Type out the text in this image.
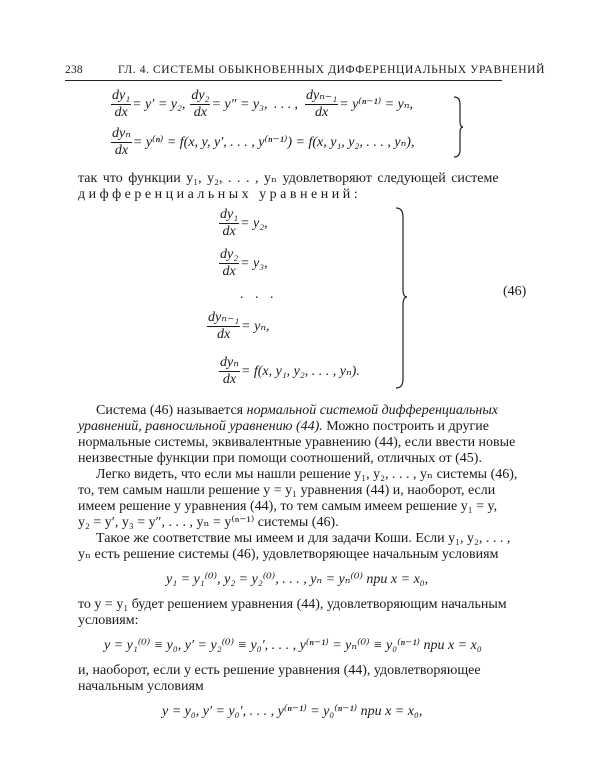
238	ГЛ. 4. СИСТЕМЫ ОБЫКНОВЕННЫХ ДИФФЕРЕНЦИАЛЬНЫХ УРАВНЕНИЙ
$\frac{\text{dy₁}}{dx} = y' = y_2$, $\frac{\text{dy₂}}{dx} = y'' = y_3$, . . . , $\frac{\text{dyₙ₋₁}}{dx} = y^{(n-1)} = y_n$,
$\frac{\text{dyₙ}}{dx} = y^{(n)} = f(x$, y, y′, . . . , y⁽ⁿ⁻¹⁾) = f(x, y₁, y₂, . . . , yₙ),
так что функции y₁, y₂, . . . , yₙ удовлетворяют следующей системе
дифференциальных уравнений:
$\frac{\text{dy₁}}{dx} = y_2$,
$\frac{\text{dy₂}}{dx} = y_3$,
. . .
$\frac{\text{dyₙ₋₁}}{dx} = y_n$,
$\frac{\text{dyₙ}}{dx} = f(x$, y₁, y₂, . . . , yₙ).
(46)
Система (46) называется нормальной системой дифференциальных
уравнений, равносильной уравнению (44). Можно построить и другие
нормальные системы, эквивалентные уравнению (44), если ввести новые
неизвестные функции при помощи соотношений, отличных от (45).
Легко видеть, что если мы нашли решение y₁, y₂, . . . , yₙ системы (46),
то, тем самым нашли решение y = y₁ уравнения (44) и, наоборот, если
имеем решение y уравнения (44), то тем самым имеем решение y₁ = y,
y₂ = y′, y₃ = y″, . . . , yₙ = y⁽ⁿ⁻¹⁾ системы (46).
Такое же соответствие мы имеем и для задачи Коши. Если y₁, y₂, . . . ,
yₙ есть решение системы (46), удовлетворяющее начальным условиям
y₁ = y₁⁽⁰⁾, y₂ = y₂⁽⁰⁾, . . . , yₙ = yₙ⁽⁰⁾ при x = x₀,
то y = y₁ будет решением уравнения (44), удовлетворяющим начальным
условиям:
y = y₁⁽⁰⁾ ≡ y₀, y′ = y₂⁽⁰⁾ ≡ y₀′, . . . , y⁽ⁿ⁻¹⁾ = yₙ⁽⁰⁾ ≡ y₀⁽ⁿ⁻¹⁾ при x = x₀
и, наоборот, если y есть решение уравнения (44), удовлетворяющее
начальным условиям
y = y₀, y′ = y₀′, . . . , y⁽ⁿ⁻¹⁾ = y₀⁽ⁿ⁻¹⁾ при x = x₀,
